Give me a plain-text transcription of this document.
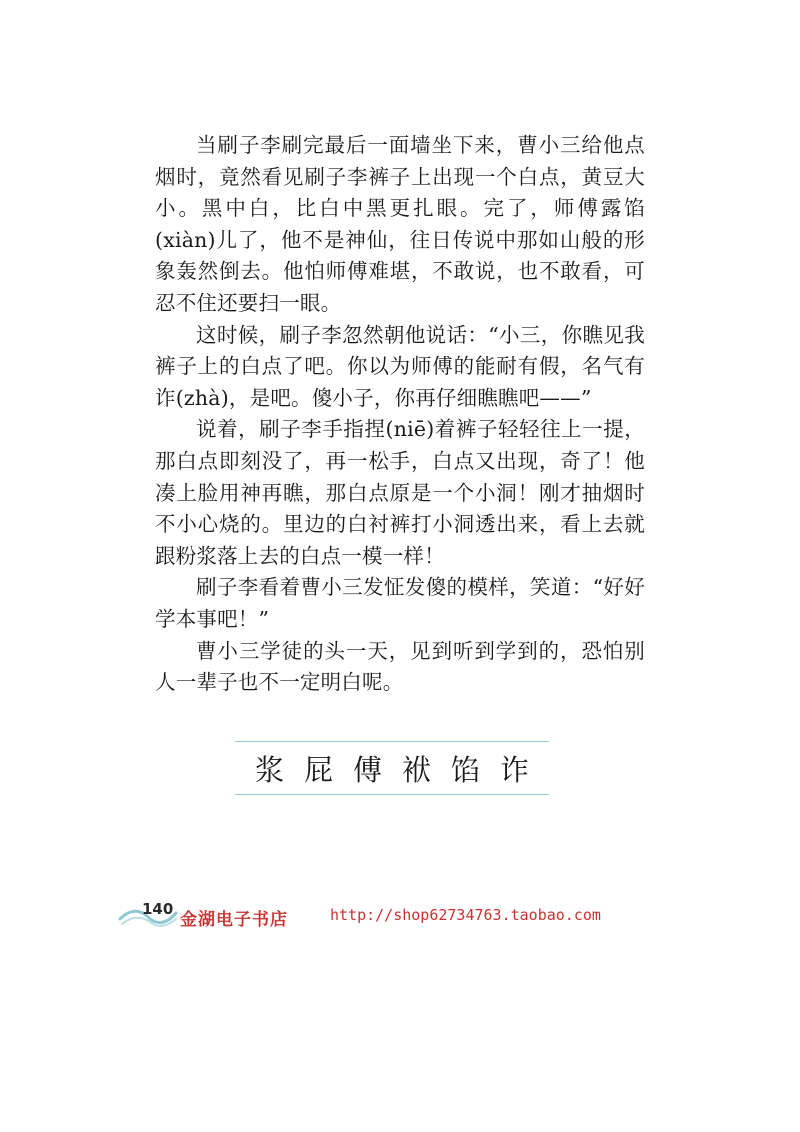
当刷子李刷完最后一面墙坐下来，曹小三给他点烟时，竟然看见刷子李裤子上出现一个白点，黄豆大小。黑中白，比白中黑更扎眼。完了，师傅露馅(xiàn)儿了，他不是神仙，往日传说中那如山般的形象轰然倒去。他怕师傅难堪，不敢说，也不敢看，可忍不住还要扫一眼。

这时候，刷子李忽然朝他说话：“小三，你瞧见我裤子上的白点了吧。你以为师傅的能耐有假，名气有诈(zhà)，是吧。傻小子，你再仔细瞧瞧吧——”

说着，刷子李手指捏(niē)着裤子轻轻往上一提，那白点即刻没了，再一松手，白点又出现，奇了！他凑上脸用神再瞧，那白点原是一个小洞！刚才抽烟时不小心烧的。里边的白衬裤打小洞透出来，看上去就跟粉浆落上去的白点一模一样！

刷子李看着曹小三发怔发傻的模样，笑道：“好好学本事吧！”

曹小三学徒的头一天，见到听到学到的，恐怕别人一辈子也不一定明白呢。

浆 屁 傅 袱 馅 诈
140
金湖电子书店	http://shop62734763.taobao.com
